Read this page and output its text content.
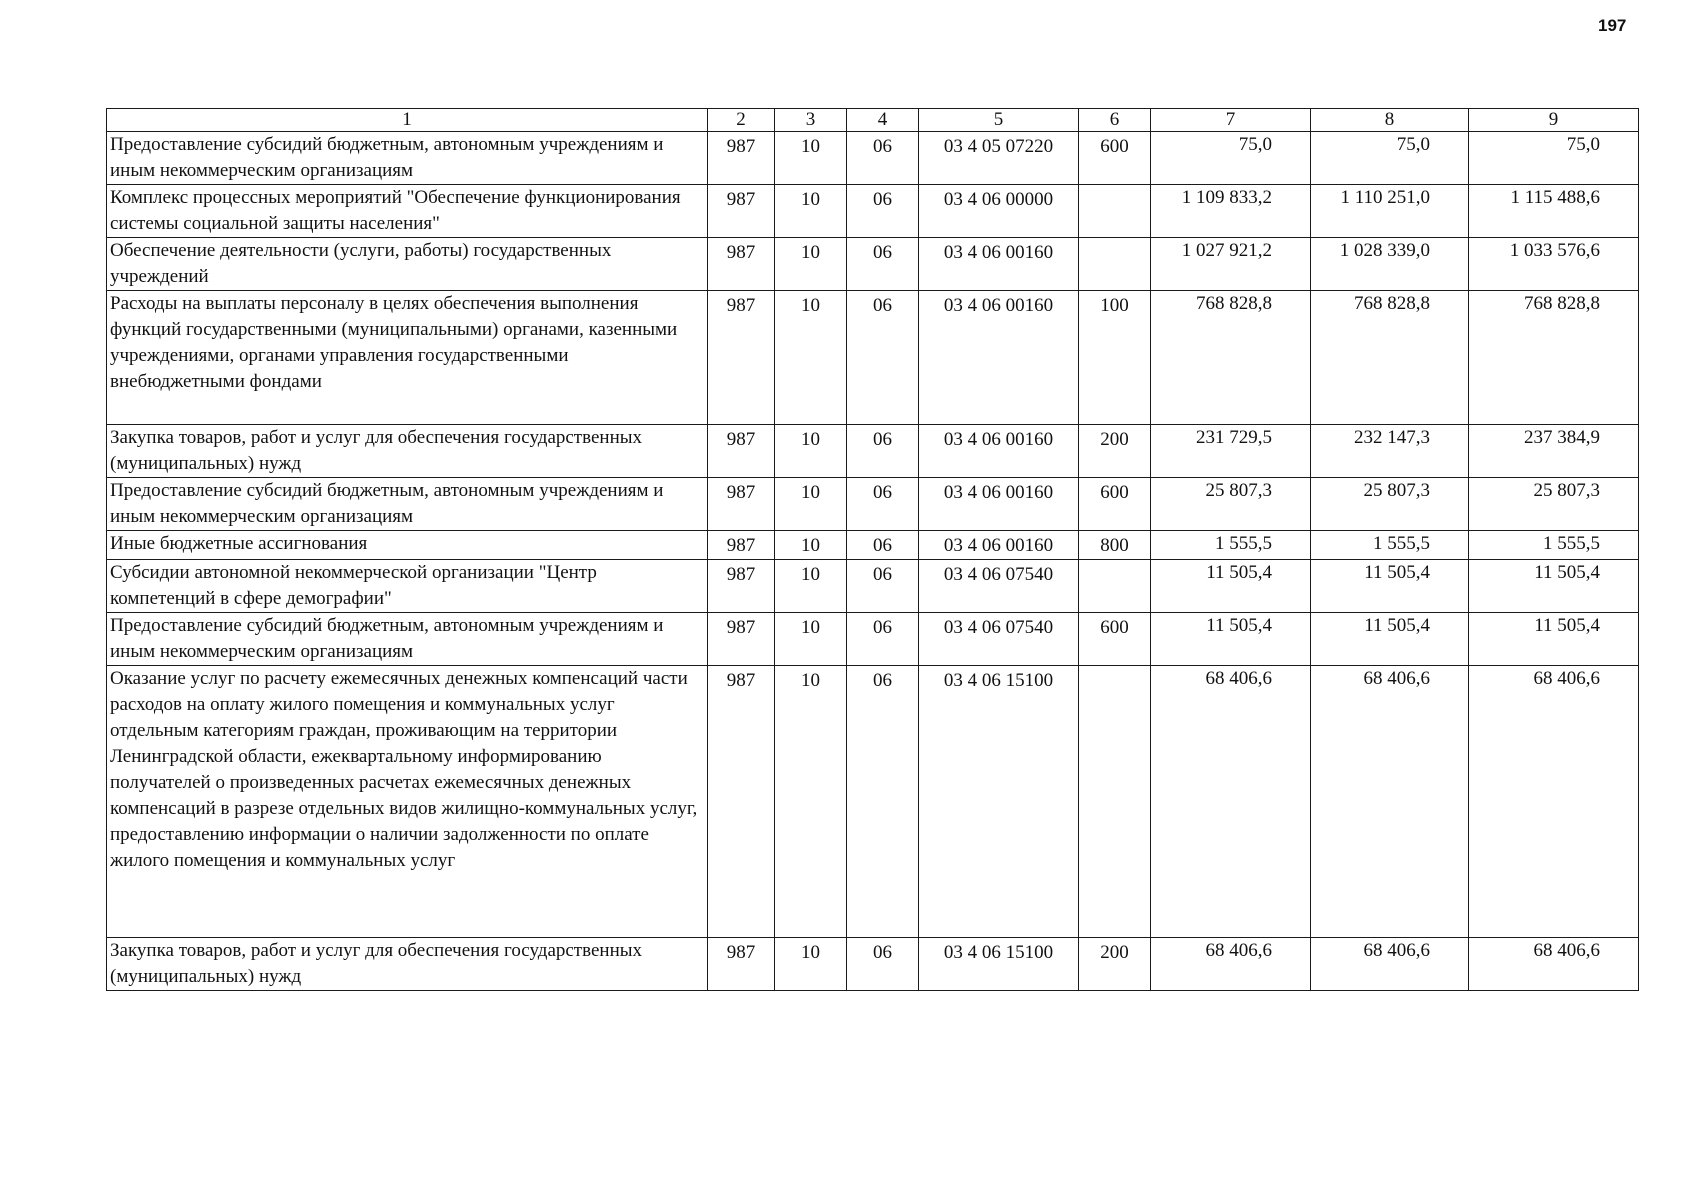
197
1	2	3	4	5	6	7	8	9
Предоставление субсидий бюджетным, автономным учреждениям и иным некоммерческим организациям	987	10	06	03 4 05 07220	600	75,0	75,0	75,0
Комплекс процессных мероприятий "Обеспечение функционирования системы социальной защиты населения"	987	10	06	03 4 06 00000		1 109 833,2	1 110 251,0	1 115 488,6
Обеспечение деятельности (услуги, работы) государственных учреждений	987	10	06	03 4 06 00160		1 027 921,2	1 028 339,0	1 033 576,6
Расходы на выплаты персоналу в целях обеспечения выполнения функций государственными (муниципальными) органами, казенными учреждениями, органами управления государственными внебюджетными фондами	987	10	06	03 4 06 00160	100	768 828,8	768 828,8	768 828,8
Закупка товаров, работ и услуг для обеспечения государственных (муниципальных) нужд	987	10	06	03 4 06 00160	200	231 729,5	232 147,3	237 384,9
Предоставление субсидий бюджетным, автономным учреждениям и иным некоммерческим организациям	987	10	06	03 4 06 00160	600	25 807,3	25 807,3	25 807,3
Иные бюджетные ассигнования	987	10	06	03 4 06 00160	800	1 555,5	1 555,5	1 555,5
Субсидии автономной некоммерческой организации "Центр компетенций в сфере демографии"	987	10	06	03 4 06 07540		11 505,4	11 505,4	11 505,4
Предоставление субсидий бюджетным, автономным учреждениям и иным некоммерческим организациям	987	10	06	03 4 06 07540	600	11 505,4	11 505,4	11 505,4
Оказание услуг по расчету ежемесячных денежных компенсаций части расходов на оплату жилого помещения и коммунальных услуг отдельным категориям граждан, проживающим на территории Ленинградской области, ежеквартальному информированию получателей о произведенных расчетах ежемесячных денежных компенсаций в разрезе отдельных видов жилищно-коммунальных услуг, предоставлению информации о наличии задолженности по оплате жилого помещения и коммунальных услуг	987	10	06	03 4 06 15100		68 406,6	68 406,6	68 406,6
Закупка товаров, работ и услуг для обеспечения государственных (муниципальных) нужд	987	10	06	03 4 06 15100	200	68 406,6	68 406,6	68 406,6
